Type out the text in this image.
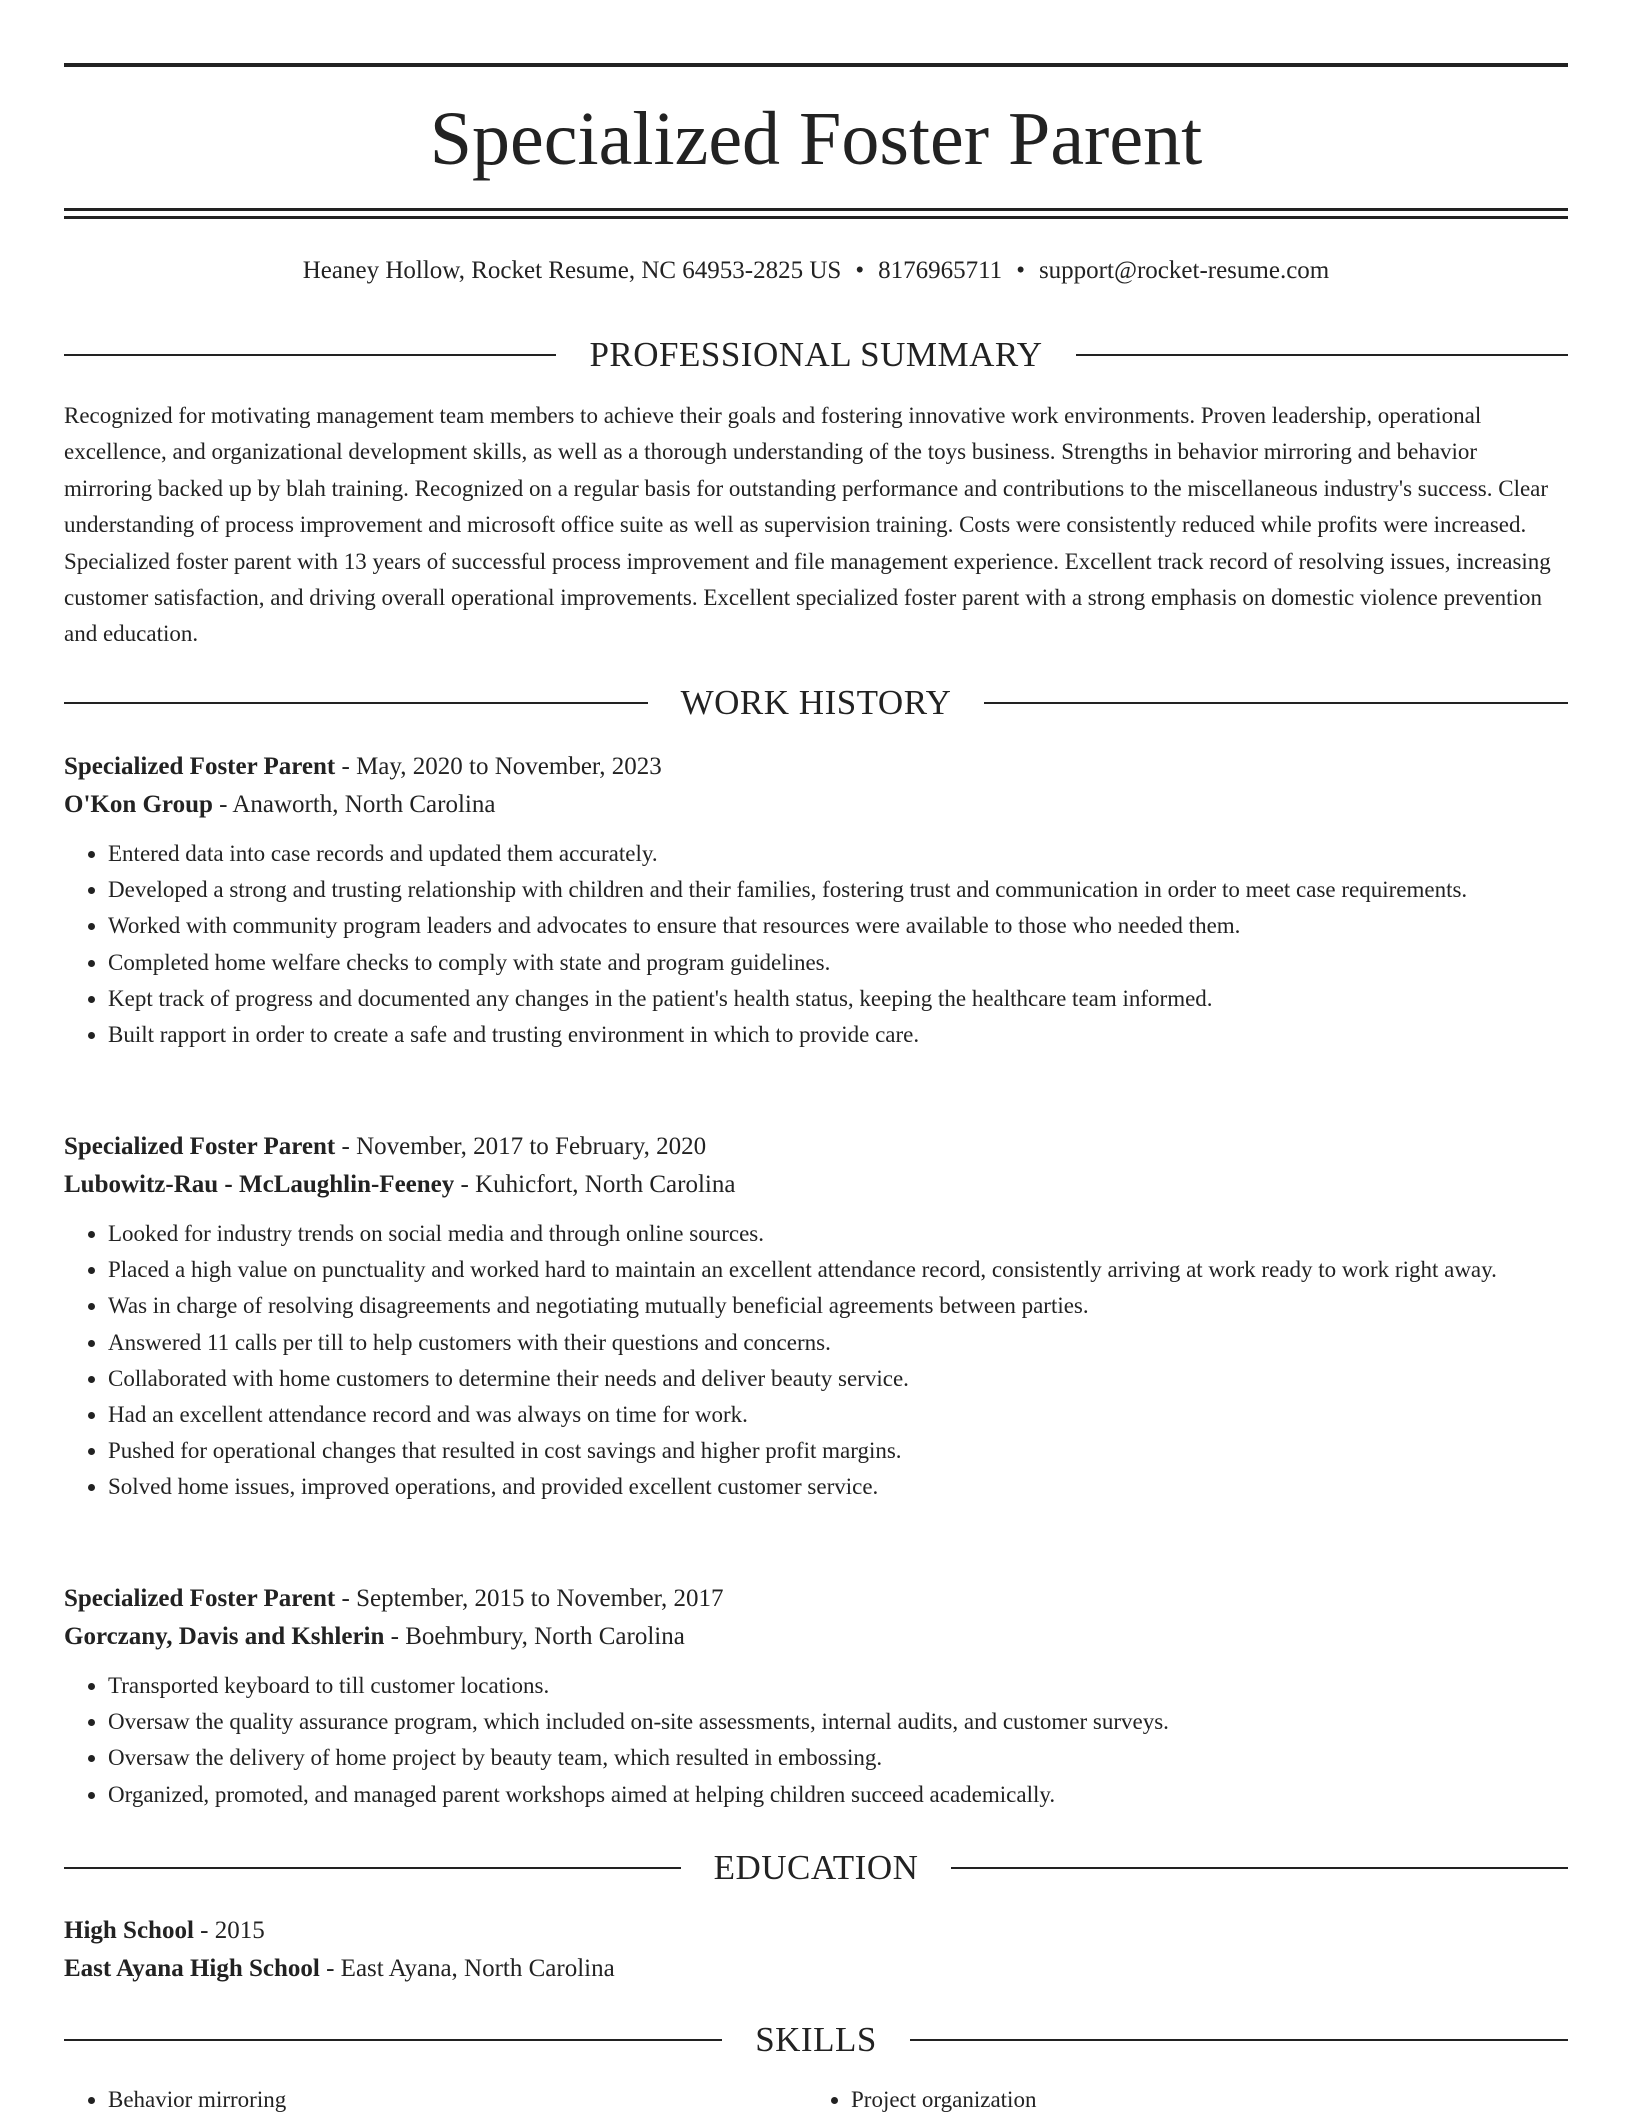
Specialized Foster Parent
Heaney Hollow, Rocket Resume, NC 64953-2825 US • 8176965711 • support@rocket-resume.com
PROFESSIONAL SUMMARY

Recognized for motivating management team members to achieve their goals and fostering innovative work environments. Proven leadership, operational excellence, and organizational development skills, as well as a thorough understanding of the toys business. Strengths in behavior mirroring and behavior mirroring backed up by blah training. Recognized on a regular basis for outstanding performance and contributions to the miscellaneous industry's success. Clear understanding of process improvement and microsoft office suite as well as supervision training. Costs were consistently reduced while profits were increased. Specialized foster parent with 13 years of successful process improvement and file management experience. Excellent track record of resolving issues, increasing customer satisfaction, and driving overall operational improvements. Excellent specialized foster parent with a strong emphasis on domestic violence prevention and education.

WORK HISTORY

Specialized Foster Parent - May, 2020 to November, 2023

O'Kon Group - Anaworth, North Carolina

• Entered data into case records and updated them accurately.
• Developed a strong and trusting relationship with children and their families, fostering trust and communication in order to meet case requirements.
• Worked with community program leaders and advocates to ensure that resources were available to those who needed them.
• Completed home welfare checks to comply with state and program guidelines.
• Kept track of progress and documented any changes in the patient's health status, keeping the healthcare team informed.
• Built rapport in order to create a safe and trusting environment in which to provide care.

Specialized Foster Parent - November, 2017 to February, 2020

Lubowitz-Rau - McLaughlin-Feeney - Kuhicfort, North Carolina

• Looked for industry trends on social media and through online sources.
• Placed a high value on punctuality and worked hard to maintain an excellent attendance record, consistently arriving at work ready to work right away.
• Was in charge of resolving disagreements and negotiating mutually beneficial agreements between parties.
• Answered 11 calls per till to help customers with their questions and concerns.
• Collaborated with home customers to determine their needs and deliver beauty service.
• Had an excellent attendance record and was always on time for work.
• Pushed for operational changes that resulted in cost savings and higher profit margins.
• Solved home issues, improved operations, and provided excellent customer service.

Specialized Foster Parent - September, 2015 to November, 2017

Gorczany, Davis and Kshlerin - Boehmbury, North Carolina

• Transported keyboard to till customer locations.
• Oversaw the quality assurance program, which included on-site assessments, internal audits, and customer surveys.
• Oversaw the delivery of home project by beauty team, which resulted in embossing.
• Organized, promoted, and managed parent workshops aimed at helping children succeed academically.
EDUCATION

High School - 2015

East Ayana High School - East Ayana, North Carolina

SKILLS
• Behavior mirroring
•	Project organization
